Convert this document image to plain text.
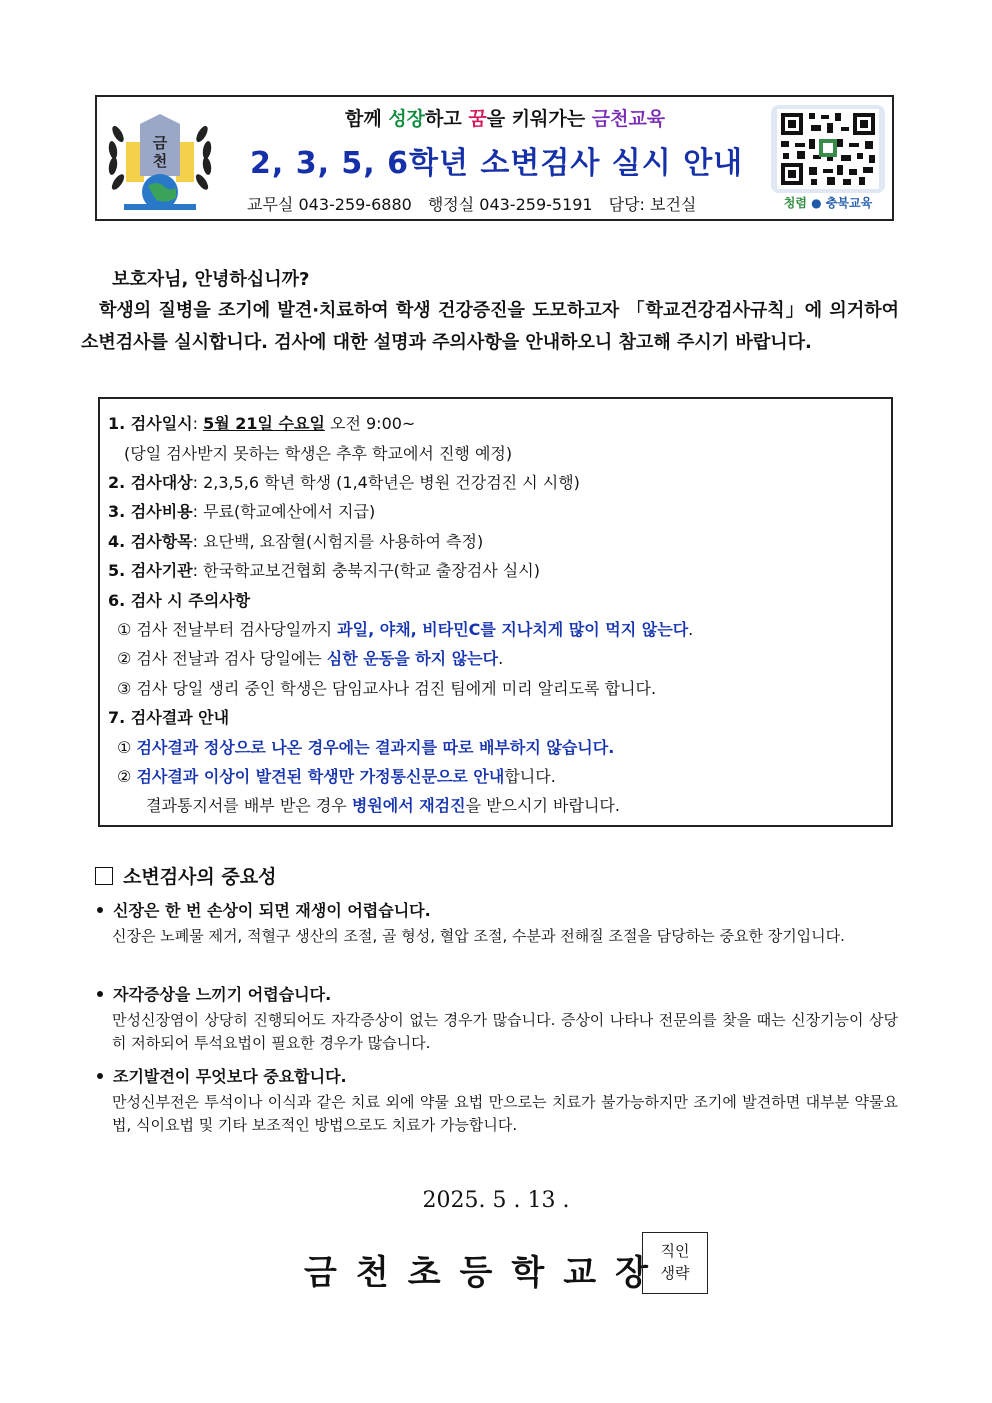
금
천
함께 성장하고 꿈을 키워가는 금천교육
2, 3, 5, 6학년 소변검사 실시 안내
교무실 043-259-6880 행정실 043-259-5191 담당: 보건실	청렴 ● 충북교육
보호자님, 안녕하십니까?
학생의 질병을 조기에 발견·치료하여 학생 건강증진을 도모하고자 「학교건강검사규칙」에 의거하여 소변검사를 실시합니다. 검사에 대한 설명과 주의사항을 안내하오니 참고해 주시기 바랍니다.
1. 검사일시: 5월 21일 수요일 오전 9:00~
(당일 검사받지 못하는 학생은 추후 학교에서 진행 예정)
2. 검사대상: 2,3,5,6 학년 학생 (1,4학년은 병원 건강검진 시 시행)
3. 검사비용: 무료(학교예산에서 지급)
4. 검사항목: 요단백, 요잠혈(시험지를 사용하여 측정)
5. 검사기관: 한국학교보건협회 충북지구(학교 출장검사 실시)
6. 검사 시 주의사항
① 검사 전날부터 검사당일까지 과일, 야채, 비타민C를 지나치게 많이 먹지 않는다.
② 검사 전날과 검사 당일에는 심한 운동을 하지 않는다.
③ 검사 당일 생리 중인 학생은 담임교사나 검진 팀에게 미리 알리도록 합니다.
7. 검사결과 안내
① 검사결과 정상으로 나온 경우에는 결과지를 따로 배부하지 않습니다.
② 검사결과 이상이 발견된 학생만 가정통신문으로 안내합니다.
결과통지서를 배부 받은 경우 병원에서 재검진을 받으시기 바랍니다.
소변검사의 중요성
신장은 한 번 손상이 되면 재생이 어렵습니다.
신장은 노폐물 제거, 적혈구 생산의 조절, 골 형성, 혈압 조절, 수분과 전해질 조절을 담당하는 중요한 장기입니다.
자각증상을 느끼기 어렵습니다.
만성신장염이 상당히 진행되어도 자각증상이 없는 경우가 많습니다. 증상이 나타나 전문의를 찾을 때는 신장기능이 상당히 저하되어 투석요법이 필요한 경우가 많습니다.
조기발견이 무엇보다 중요합니다.
만성신부전은 투석이나 이식과 같은 치료 외에 약물 요법 만으로는 치료가 불가능하지만 조기에 발견하면 대부분 약물요법, 식이요법 및 기타 보조적인 방법으로도 치료가 가능합니다.
2025. 5 . 13 .
금천초등학교장
직인
생략
